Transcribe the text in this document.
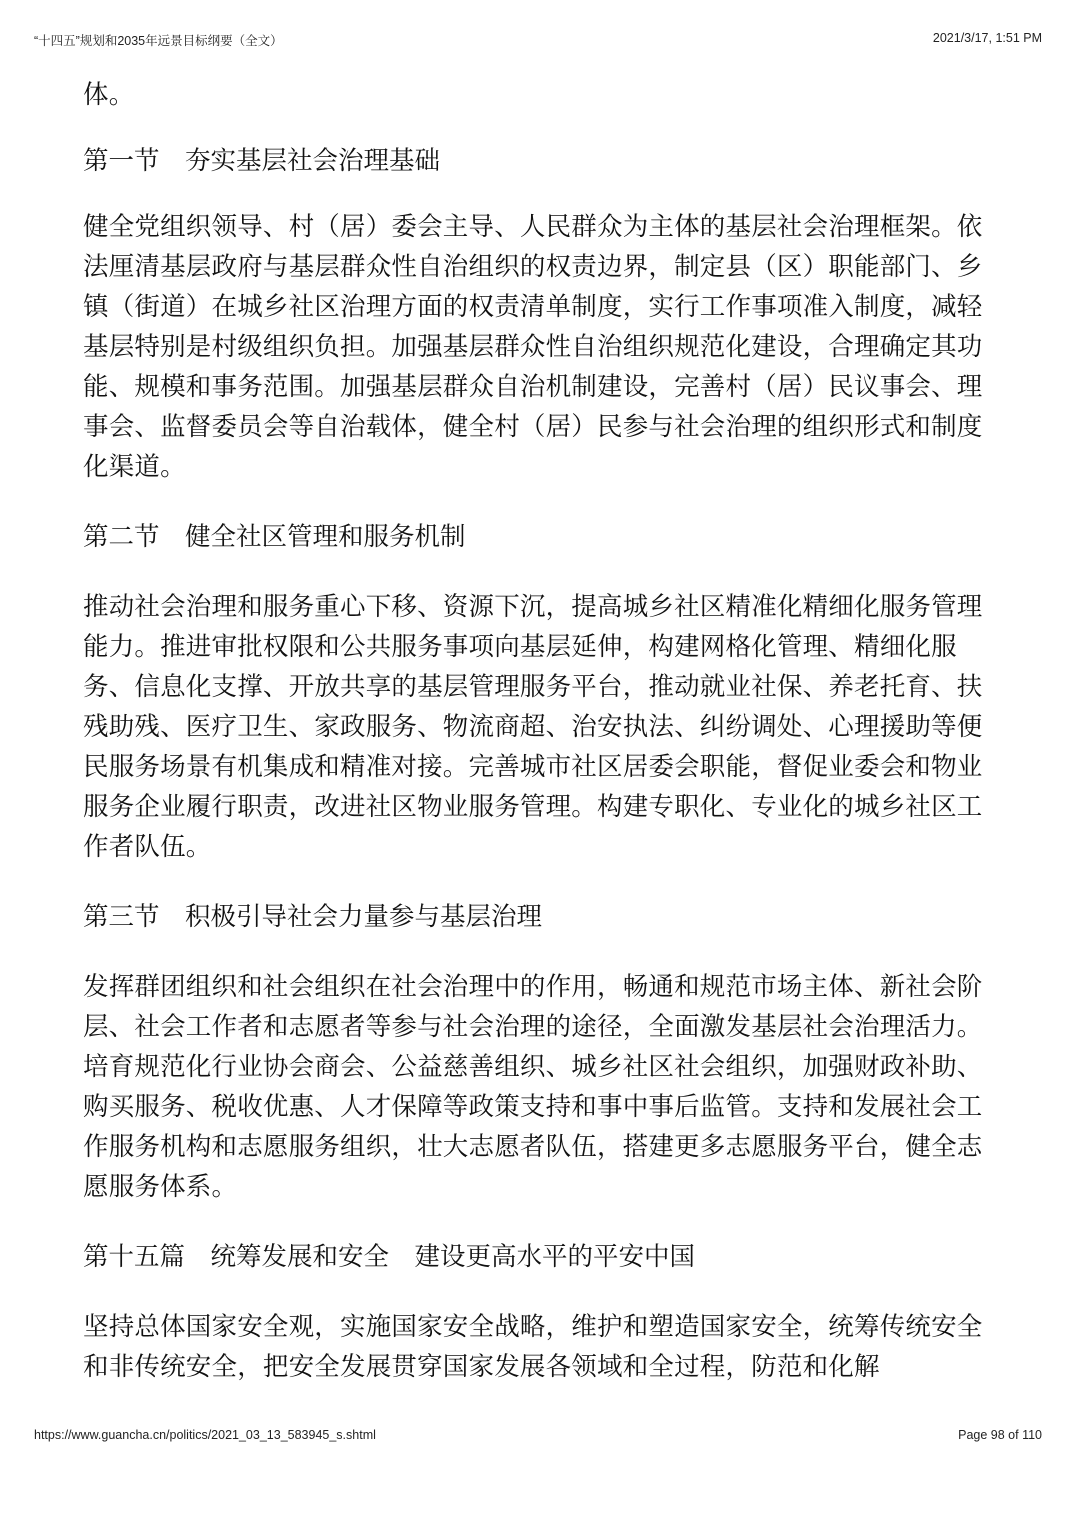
“十四五”规划和2035年远景目标纲要（全文）	2021/3/17, 1:51 PM

体。

第一节　夯实基层社会治理基础

健全党组织领导、村（居）委会主导、人民群众为主体的基层社会治理框架。依法厘清基层政府与基层群众性自治组织的权责边界，制定县（区）职能部门、乡镇（街道）在城乡社区治理方面的权责清单制度，实行工作事项准入制度，减轻基层特别是村级组织负担。加强基层群众性自治组织规范化建设，合理确定其功能、规模和事务范围。加强基层群众自治机制建设，完善村（居）民议事会、理事会、监督委员会等自治载体，健全村（居）民参与社会治理的组织形式和制度化渠道。

第二节　健全社区管理和服务机制

推动社会治理和服务重心下移、资源下沉，提高城乡社区精准化精细化服务管理能力。推进审批权限和公共服务事项向基层延伸，构建网格化管理、精细化服务、信息化支撑、开放共享的基层管理服务平台，推动就业社保、养老托育、扶残助残、医疗卫生、家政服务、物流商超、治安执法、纠纷调处、心理援助等便民服务场景有机集成和精准对接。完善城市社区居委会职能，督促业委会和物业服务企业履行职责，改进社区物业服务管理。构建专职化、专业化的城乡社区工作者队伍。

第三节　积极引导社会力量参与基层治理

发挥群团组织和社会组织在社会治理中的作用，畅通和规范市场主体、新社会阶层、社会工作者和志愿者等参与社会治理的途径，全面激发基层社会治理活力。培育规范化行业协会商会、公益慈善组织、城乡社区社会组织，加强财政补助、购买服务、税收优惠、人才保障等政策支持和事中事后监管。支持和发展社会工作服务机构和志愿服务组织，壮大志愿者队伍，搭建更多志愿服务平台，健全志愿服务体系。

第十五篇　统筹发展和安全　建设更高水平的平安中国

坚持总体国家安全观，实施国家安全战略，维护和塑造国家安全，统筹传统安全和非传统安全，把安全发展贯穿国家发展各领域和全过程，防范和化解

https://www.guancha.cn/politics/2021_03_13_583945_s.shtml	Page 98 of 110
